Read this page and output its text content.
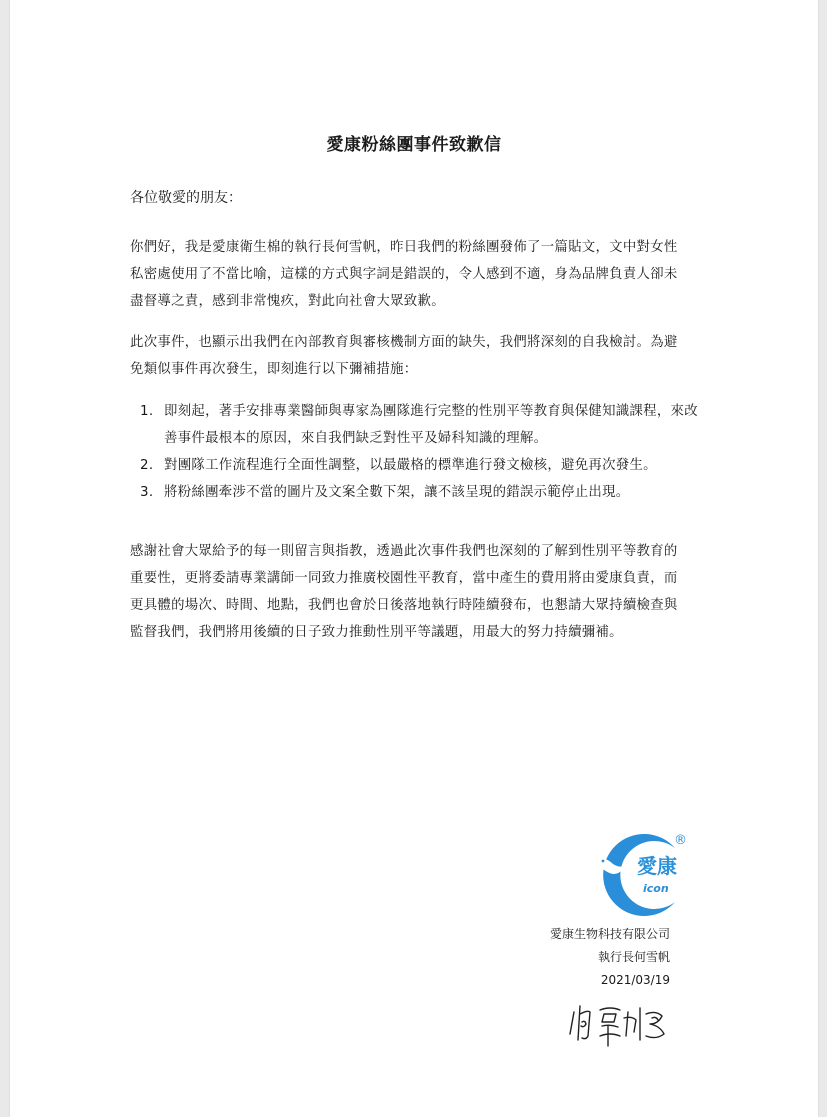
愛康粉絲團事件致歉信
各位敬愛的朋友：

你們好，我是愛康衛生棉的執行長何雪帆，昨日我們的粉絲團發佈了一篇貼文，文中對女性私密處使用了不當比喻，這樣的方式與字詞是錯誤的，令人感到不適，身為品牌負責人卻未盡督導之責，感到非常愧疚，對此向社會大眾致歉。

此次事件，也顯示出我們在內部教育與審核機制方面的缺失，我們將深刻的自我檢討。為避免類似事件再次發生，即刻進行以下彌補措施：

1. 即刻起，著手安排專業醫師與專家為團隊進行完整的性別平等教育與保健知識課程，來改善事件最根本的原因，來自我們缺乏對性平及婦科知識的理解。
2. 對團隊工作流程進行全面性調整，以最嚴格的標準進行發文檢核，避免再次發生。
3. 將粉絲團牽涉不當的圖片及文案全數下架，讓不該呈現的錯誤示範停止出現。

感謝社會大眾給予的每一則留言與指教，透過此次事件我們也深刻的了解到性別平等教育的重要性，更將委請專業講師一同致力推廣校園性平教育，當中產生的費用將由愛康負責，而更具體的場次、時間、地點，我們也會於日後落地執行時陸續發布，也懇請大眾持續檢查與監督我們，我們將用後續的日子致力推動性別平等議題，用最大的努力持續彌補。

愛康
icon
®
愛康生物科技有限公司
執行長何雪帆
2021/03/19
